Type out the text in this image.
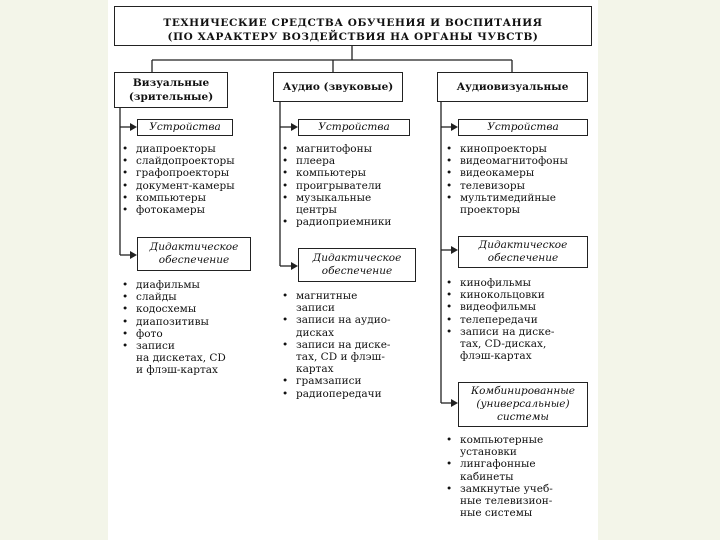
ТЕХНИЧЕСКИЕ СРЕДСТВА ОБУЧЕНИЯ И ВОСПИТАНИЯ
(ПО ХАРАКТЕРУ ВОЗДЕЙСТВИЯ НА ОРГАНЫ ЧУВСТВ)
Визуальные
(зрительные)
Устройства
• диапроекторы
• слайдопроекторы
• графопроекторы
• документ-камеры
• компьютеры
• фотокамеры
Дидактическое
обеспечение
• диафильмы
• слайды
• кодосхемы
• диапозитивы
• фото
• записи
на дискетах, CD
и флэш-картах
Аудио (звуковые)
Устройства
• магнитофоны
• плеера
• компьютеры
• проигрыватели
• музыкальные
центры
• радиоприемники
Дидактическое
обеспечение
• магнитные
записи
• записи на аудио-
дисках
• записи на диске-
тах, CD и флэш-
картах
• грамзаписи
• радиопередачи
Аудиовизуальные
Устройства
• кинопроекторы
• видеомагнитофоны
• видеокамеры
• телевизоры
• мультимедийные
проекторы
Дидактическое
обеспечение
• кинофильмы
• кинокольцовки
• видеофильмы
• телепередачи
• записи на дискe-
тах, CD-дисках,
флэш-картах
Комбинированные
(универсальные)
системы
• компьютерные
установки
• лингафонные
кабинеты
• замкнутые учеб-
ные телевизион-
ные системы
